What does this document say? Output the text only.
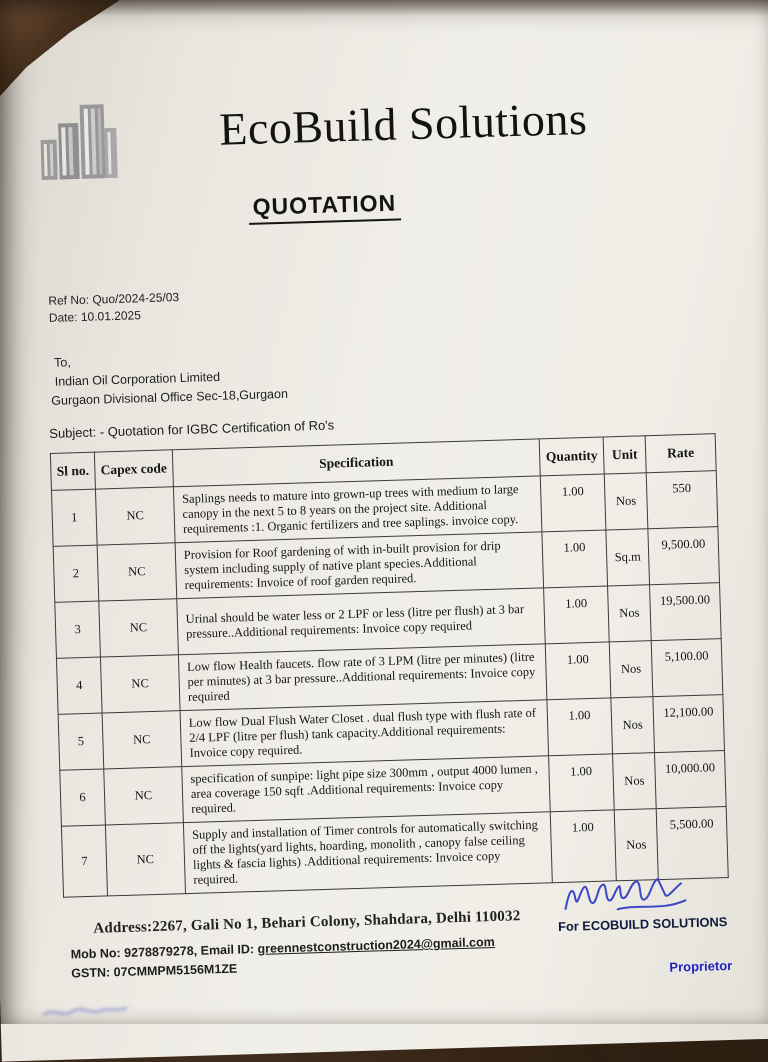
EcoBuild Solutions
QUOTATION
Ref No: Quo/2024-25/03
Date: 10.01.2025
To,
Indian Oil Corporation Limited
Gurgaon Divisional Office Sec-18,Gurgaon
Subject: - Quotation for IGBC Certification of Ro's
Sl no.	Capex code	Specification	Quantity	Unit	Rate
1	NC	Saplings needs to mature into grown-up trees with medium to large canopy in the next 5 to 8 years on the project site. Additional requirements :1. Organic fertilizers and tree saplings. invoice copy.	1.00	Nos	550
2	NC	Provision for Roof gardening of with in-built provision for drip system including supply of native plant species.Additional requirements: Invoice of roof garden required.	1.00	Sq.m	9,500.00
3	NC	Urinal should be water less or 2 LPF or less (litre per flush) at 3 bar pressure..Additional requirements: Invoice copy required	1.00	Nos	19,500.00
4	NC	Low flow Health faucets. flow rate of 3 LPM (litre per minutes) (litre per minutes) at 3 bar pressure..Additional requirements: Invoice copy required	1.00	Nos	5,100.00
5	NC	Low flow Dual Flush Water Closet . dual flush type with flush rate of 2/4 LPF (litre per flush) tank capacity.Additional requirements: Invoice copy required.	1.00	Nos	12,100.00
6	NC	specification of sunpipe: light pipe size 300mm , output 4000 lumen , area coverage 150 sqft .Additional requirements: Invoice copy required.	1.00	Nos	10,000.00
7	NC	Supply and installation of Timer controls for automatically switching off the lights(yard lights, hoarding, monolith , canopy false ceiling lights & fascia lights) .Additional requirements: Invoice copy required.	1.00	Nos	5,500.00
Address:2267, Gali No 1, Behari Colony, Shahdara, Delhi 110032
Mob No: 9278879278, Email ID: greennestconstruction2024@gmail.com
GSTN: 07CMMPM5156M1ZE
For ECOBUILD SOLUTIONS
Proprietor
